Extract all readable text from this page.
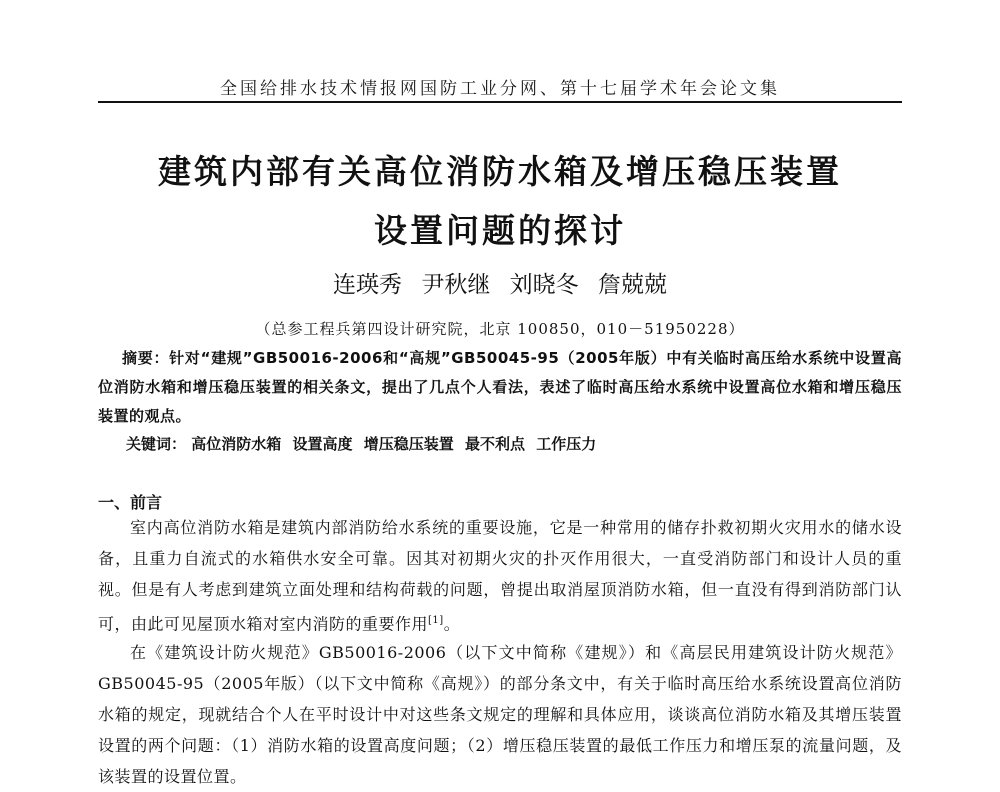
全国给排水技术情报网国防工业分网、第十七届学术年会论文集
建筑内部有关高位消防水箱及增压稳压装置
设置问题的探讨
连瑛秀 尹秋继 刘晓冬 詹兢兢
（总参工程兵第四设计研究院，北京 100850，010－51950228）
摘要：针对“建规”GB50016-2006和“高规”GB50045-95（2005年版）中有关临时高压给水系统中设置高位消防水箱和增压稳压装置的相关条文，提出了几点个人看法，表述了临时高压给水系统中设置高位水箱和增压稳压装置的观点。
关键词： 高位消防水箱 设置高度 增压稳压装置 最不利点 工作压力
一、前言

室内高位消防水箱是建筑内部消防给水系统的重要设施，它是一种常用的储存扑救初期火灾用水的储水设备，且重力自流式的水箱供水安全可靠。因其对初期火灾的扑灭作用很大，一直受消防部门和设计人员的重视。但是有人考虑到建筑立面处理和结构荷载的问题，曾提出取消屋顶消防水箱，但一直没有得到消防部门认可，由此可见屋顶水箱对室内消防的重要作用[1]。

在《建筑设计防火规范》GB50016-2006（以下文中简称《建规》）和《高层民用建筑设计防火规范》GB50045-95（2005年版）（以下文中简称《高规》）的部分条文中，有关于临时高压给水系统设置高位消防水箱的规定，现就结合个人在平时设计中对这些条文规定的理解和具体应用，谈谈高位消防水箱及其增压装置设置的两个问题：（1）消防水箱的设置高度问题；（2）增压稳压装置的最低工作压力和增压泵的流量问题，及该装置的设置位置。
